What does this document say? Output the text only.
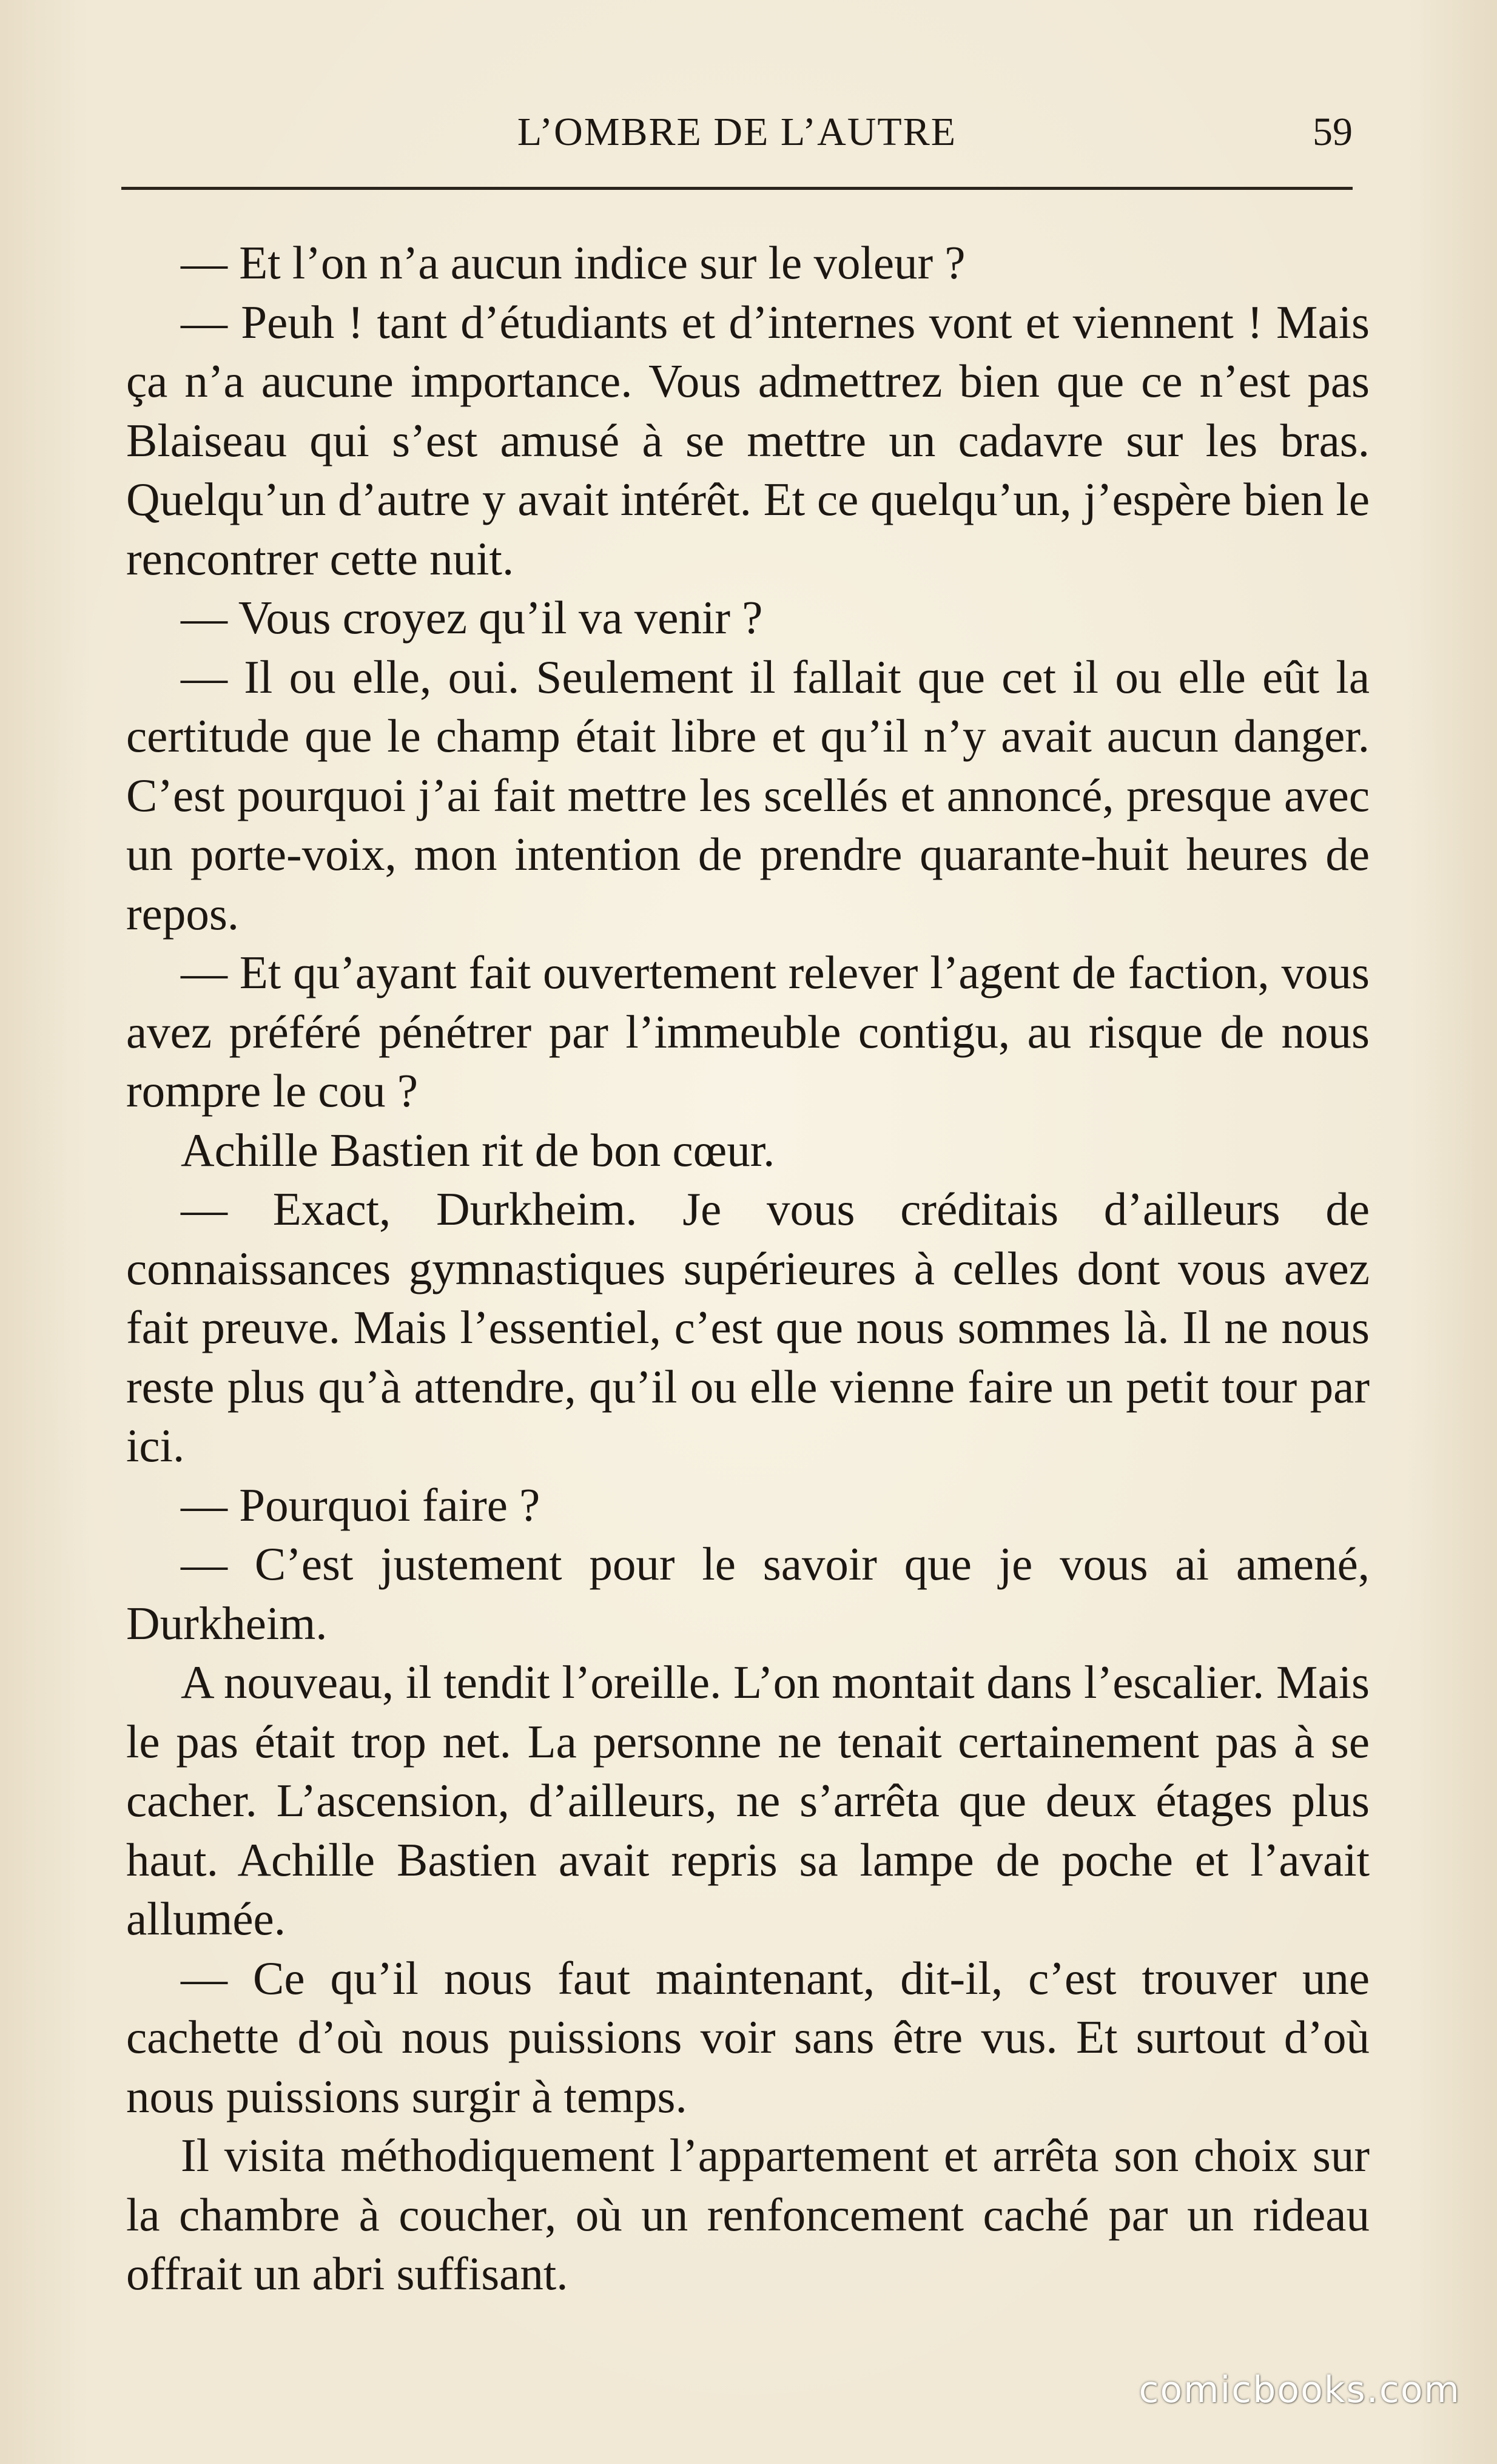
L’OMBRE DE L’AUTRE	59

— Et l’on n’a aucun indice sur le voleur ?

— Peuh ! tant d’étudiants et d’internes vont et viennent ! Mais ça n’a aucune importance. Vous admettrez bien que ce n’est pas Blaiseau qui s’est amusé à se mettre un cadavre sur les bras. Quelqu’un d’autre y avait intérêt. Et ce quelqu’un, j’espère bien le rencontrer cette nuit.

— Vous croyez qu’il va venir ?

— Il ou elle, oui. Seulement il fallait que cet il ou elle eût la certitude que le champ était libre et qu’il n’y avait aucun danger. C’est pourquoi j’ai fait mettre les scellés et annoncé, presque avec un porte-voix, mon intention de prendre quarante-huit heures de repos.

— Et qu’ayant fait ouvertement relever l’agent de faction, vous avez préféré pénétrer par l’immeuble contigu, au risque de nous rompre le cou ?

Achille Bastien rit de bon cœur.

— Exact, Durkheim. Je vous créditais d’ailleurs de connaissances gymnastiques supérieures à celles dont vous avez fait preuve. Mais l’essentiel, c’est que nous sommes là. Il ne nous reste plus qu’à attendre, qu’il ou elle vienne faire un petit tour par ici.

— Pourquoi faire ?

— C’est justement pour le savoir que je vous ai amené, Durkheim.

A nouveau, il tendit l’oreille. L’on montait dans l’escalier. Mais le pas était trop net. La personne ne tenait certainement pas à se cacher. L’ascension, d’ailleurs, ne s’arrêta que deux étages plus haut. Achille Bastien avait repris sa lampe de poche et l’avait allumée.

— Ce qu’il nous faut maintenant, dit-il, c’est trouver une cachette d’où nous puissions voir sans être vus. Et surtout d’où nous puissions surgir à temps.

Il visita méthodiquement l’appartement et arrêta son choix sur la chambre à coucher, où un renfoncement caché par un rideau offrait un abri suffisant.

comicbooks.com
